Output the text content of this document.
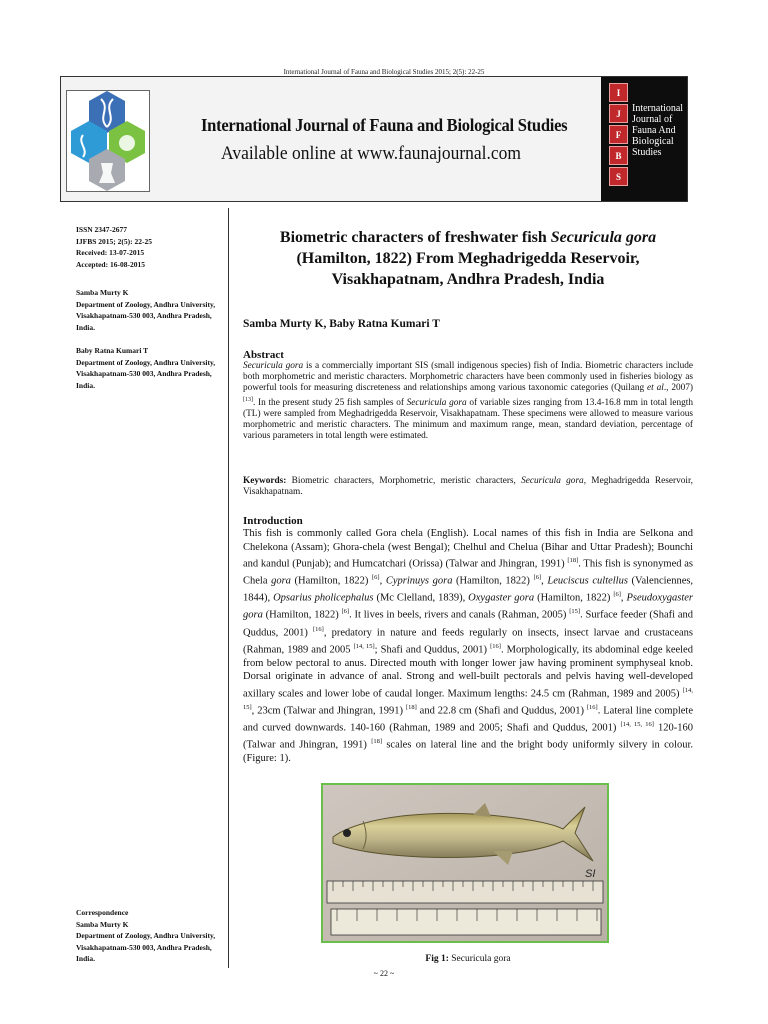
International Journal of Fauna and Biological Studies 2015; 2(5): 22-25
International Journal of Fauna and Biological Studies
Available online at www.faunajournal.com
I
J
F
B
S
International Journal of Fauna And Biological Studies
ISSN 2347-2677
IJFBS 2015; 2(5): 22-25
Received: 13-07-2015
Accepted: 16-08-2015
Samba Murty K
Department of Zoology, Andhra University, Visakhapatnam-530 003, Andhra Pradesh, India.
Baby Ratna Kumari T
Department of Zoology, Andhra University, Visakhapatnam-530 003, Andhra Pradesh, India.
Correspondence
Samba Murty K
Department of Zoology, Andhra University, Visakhapatnam-530 003, Andhra Pradesh, India.
Biometric characters of freshwater fish Securicula gora (Hamilton, 1822) From Meghadrigedda Reservoir, Visakhapatnam, Andhra Pradesh, India
Samba Murty K, Baby Ratna Kumari T
Abstract
Securicula gora is a commercially important SIS (small indigenous species) fish of India. Biometric characters include both morphometric and meristic characters. Morphometric characters have been commonly used in fisheries biology as powerful tools for measuring discreteness and relationships among various taxonomic categories (Quilang et al., 2007) [13]. In the present study 25 fish samples of Securicula gora of variable sizes ranging from 13.4-16.8 mm in total length (TL) were sampled from Meghadrigedda Reservoir, Visakhapatnam. These specimens were allowed to measure various morphometric and meristic characters. The minimum and maximum range, mean, standard deviation, percentage of various parameters in total length were estimated.
Keywords: Biometric characters, Morphometric, meristic characters, Securicula gora, Meghadrigedda Reservoir, Visakhapatnam.
Introduction
This fish is commonly called Gora chela (English). Local names of this fish in India are Selkona and Chelekona (Assam); Ghora-chela (west Bengal); Chelhul and Chelua (Bihar and Uttar Pradesh); Bounchi and kandul (Punjab); and Humcatchari (Orissa) (Talwar and Jhingran, 1991) [18]. This fish is synonymed as Chela gora (Hamilton, 1822) [6], Cyprinuys gora (Hamilton, 1822) [6], Leuciscus cultellus (Valenciennes, 1844), Opsarius pholicephalus (Mc Clelland, 1839), Oxygaster gora (Hamilton, 1822) [6], Pseudoxygaster gora (Hamilton, 1822) [6]. It lives in beels, rivers and canals (Rahman, 2005) [15]. Surface feeder (Shafi and Quddus, 2001) [16], predatory in nature and feeds regularly on insects, insect larvae and crustaceans (Rahman, 1989 and 2005 [14, 15]; Shafi and Quddus, 2001) [16]. Morphologically, its abdominal edge keeled from below pectoral to anus. Directed mouth with longer lower jaw having prominent symphyseal knob. Dorsal originate in advance of anal. Strong and well-built pectorals and pelvis having well-developed axillary scales and lower lobe of caudal longer. Maximum lengths: 24.5 cm (Rahman, 1989 and 2005) [14, 15], 23cm (Talwar and Jhingran, 1991) [18] and 22.8 cm (Shafi and Quddus, 2001) [16]. Lateral line complete and curved downwards. 140-160 (Rahman, 1989 and 2005; Shafi and Quddus, 2001) [14, 15, 16] 120-160 (Talwar and Jhingran, 1991) [18] scales on lateral line and the bright body uniformly silvery in colour. (Figure: 1).
SI
Fig 1: Securicula gora
~ 22 ~
